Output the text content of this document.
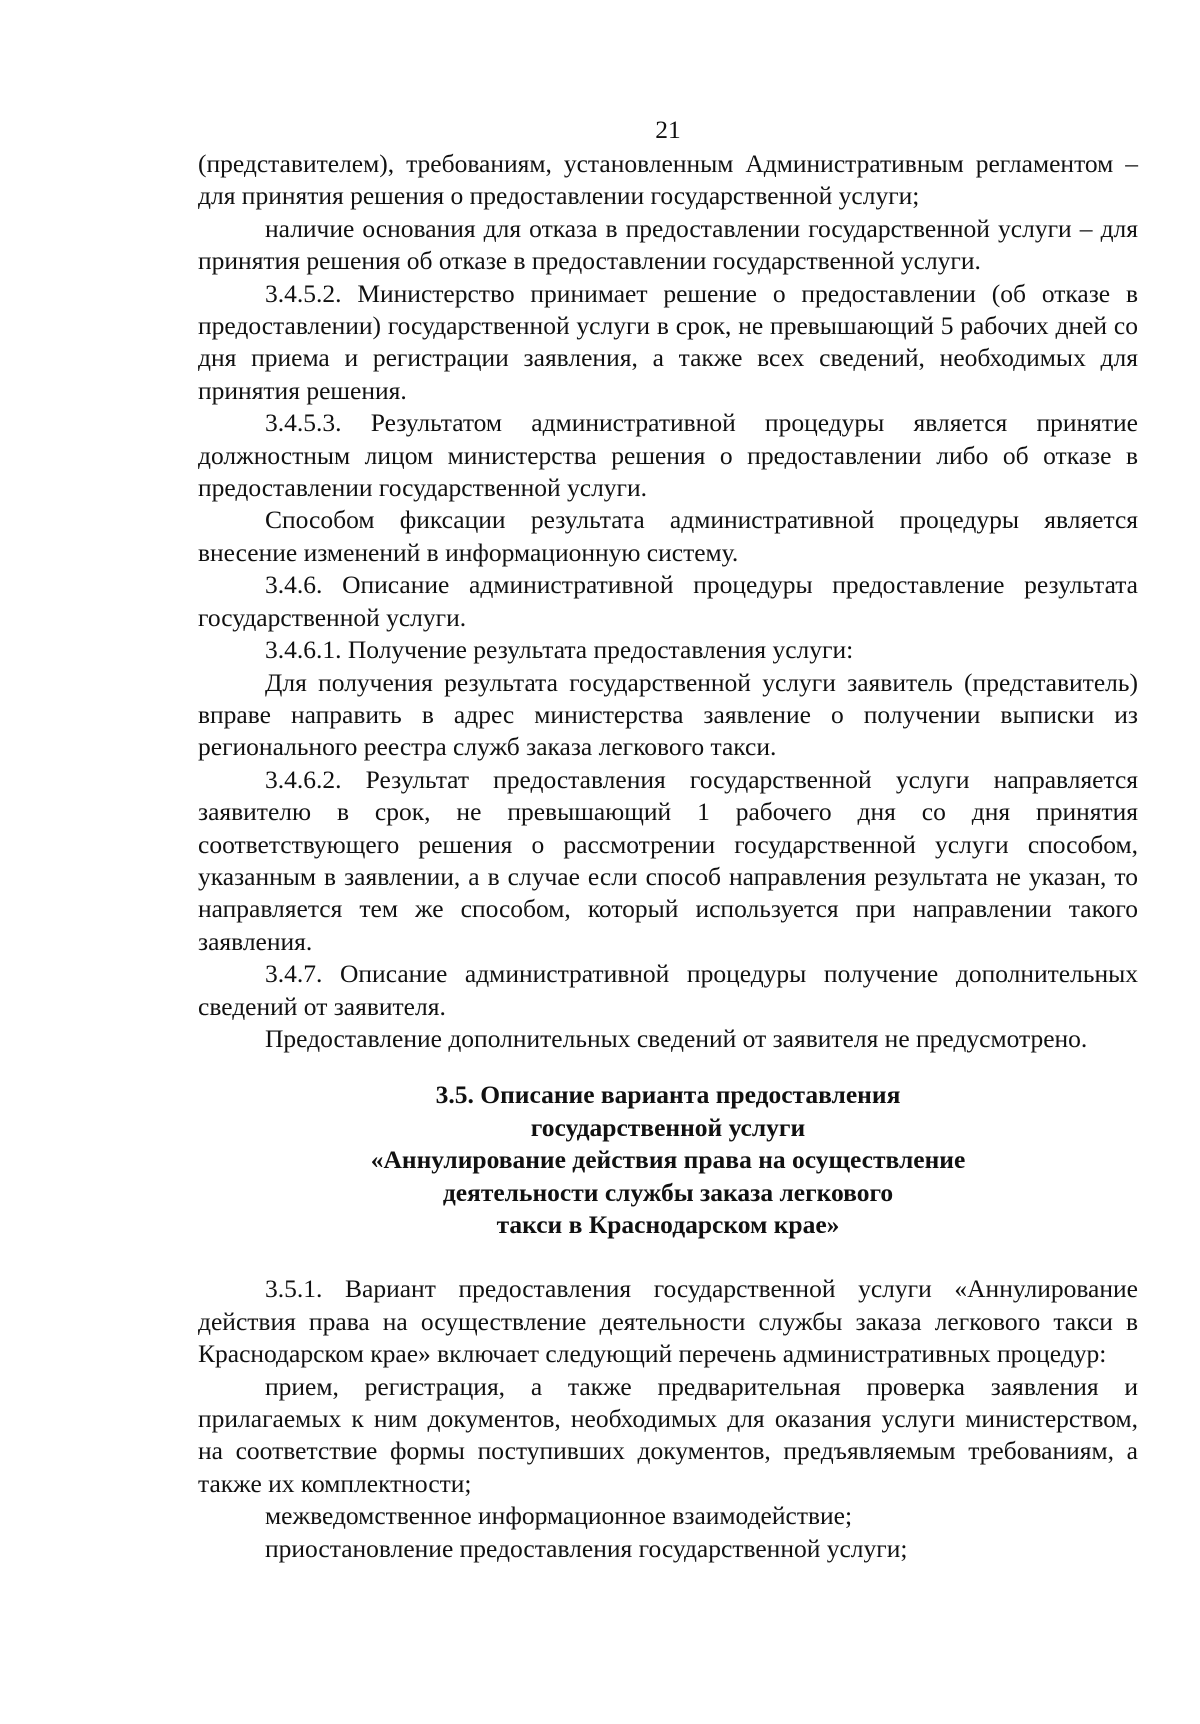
21

(представителем), требованиям, установленным Административным регламентом – для принятия решения о предоставлении государственной услуги;

наличие основания для отказа в предоставлении государственной услуги – для принятия решения об отказе в предоставлении государственной услуги.

3.4.5.2. Министерство принимает решение о предоставлении (об отказе в предоставлении) государственной услуги в срок, не превышающий 5 рабочих дней со дня приема и регистрации заявления, а также всех сведений, необходимых для принятия решения.

3.4.5.3. Результатом административной процедуры является принятие должностным лицом министерства решения о предоставлении либо об отказе в предоставлении государственной услуги.

Способом фиксации результата административной процедуры является внесение изменений в информационную систему.

3.4.6. Описание административной процедуры предоставление результата государственной услуги.

3.4.6.1. Получение результата предоставления услуги:

Для получения результата государственной услуги заявитель (представитель) вправе направить в адрес министерства заявление о получении выписки из регионального реестра служб заказа легкового такси.

3.4.6.2. Результат предоставления государственной услуги направляется заявителю в срок, не превышающий 1 рабочего дня со дня принятия соответствующего решения о рассмотрении государственной услуги способом, указанным в заявлении, а в случае если способ направления результата не указан, то направляется тем же способом, который используется при направлении такого заявления.

3.4.7. Описание административной процедуры получение дополнительных сведений от заявителя.

Предоставление дополнительных сведений от заявителя не предусмотрено.

3.5. Описание варианта предоставления
государственной услуги
«Аннулирование действия права на осуществление
деятельности службы заказа легкового
такси в Краснодарском крае»

3.5.1. Вариант предоставления государственной услуги «Аннулирование действия права на осуществление деятельности службы заказа легкового такси в Краснодарском крае» включает следующий перечень административных процедур:

прием, регистрация, а также предварительная проверка заявления и прилагаемых к ним документов, необходимых для оказания услуги министерством, на соответствие формы поступивших документов, предъявляемым требованиям, а также их комплектности;

межведомственное информационное взаимодействие;

приостановление предоставления государственной услуги;
